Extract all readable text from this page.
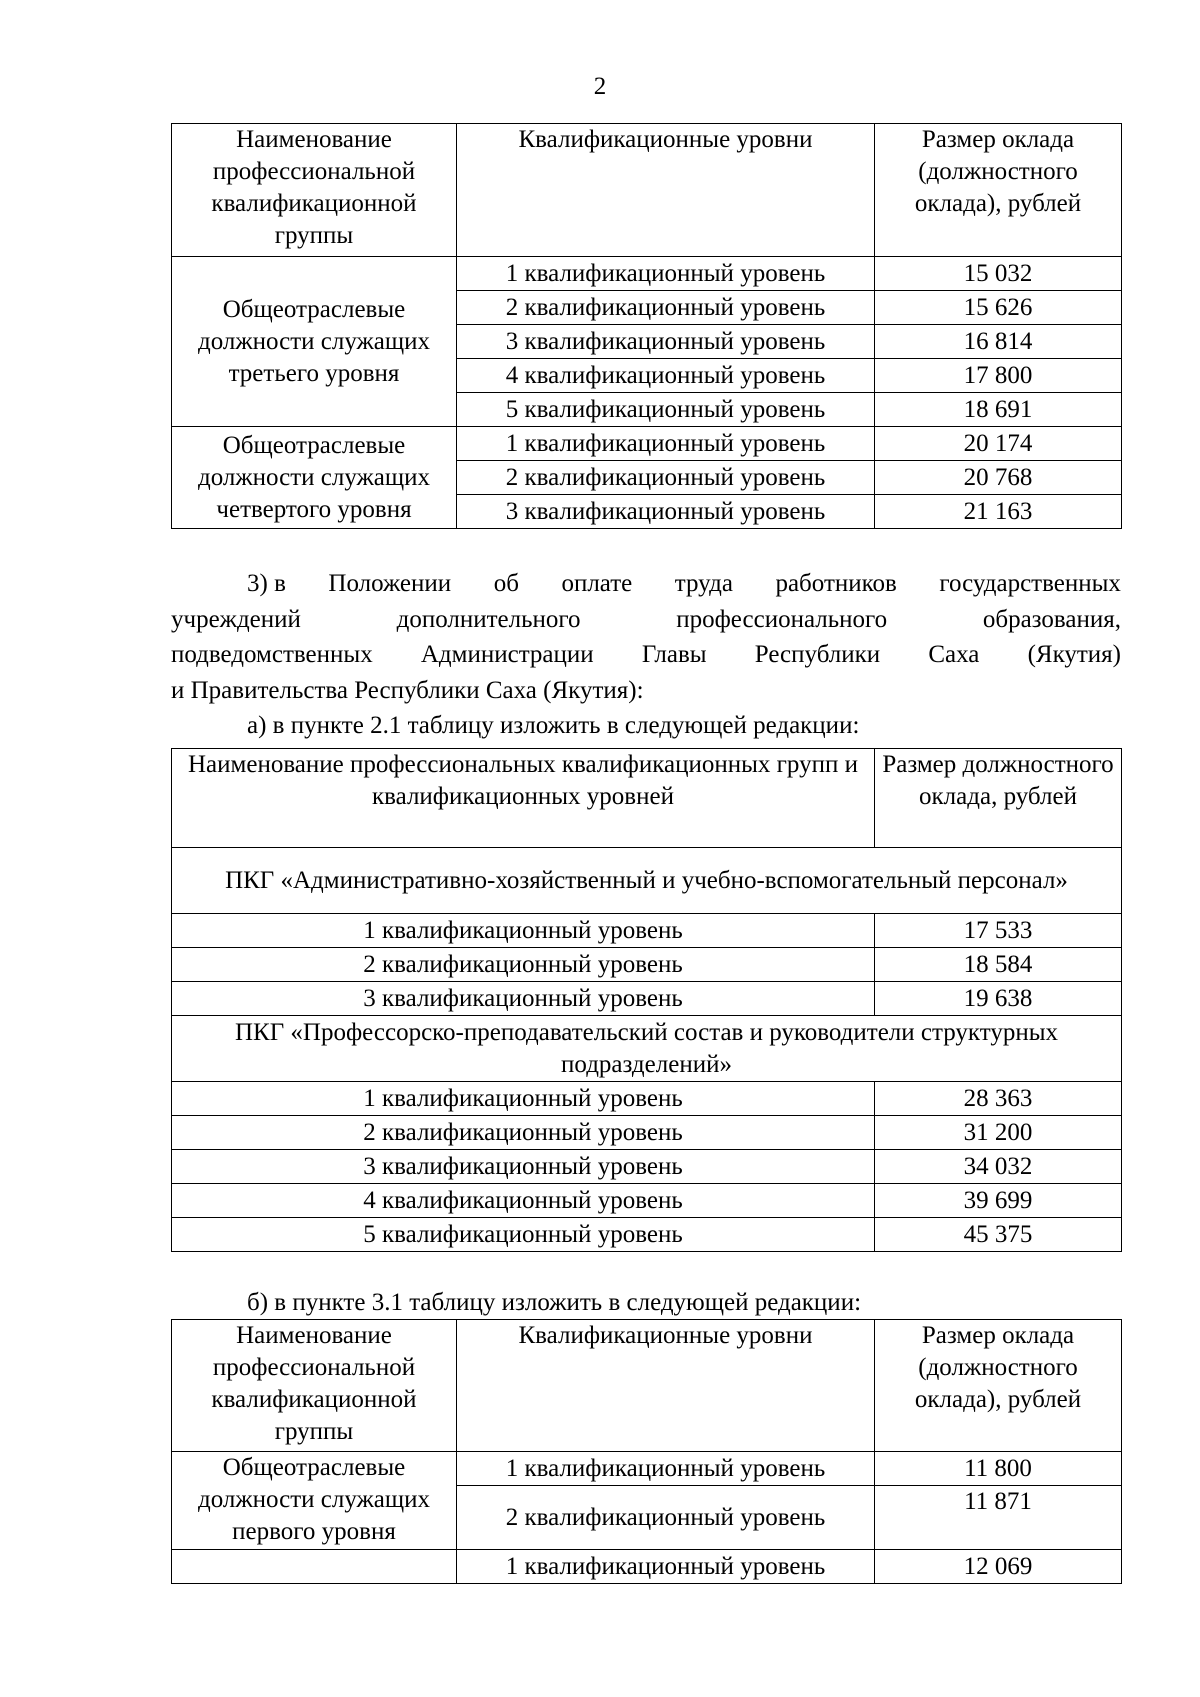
2
Наименование профессиональной квалификационной группы	Квалификационные уровни	Размер оклада (должностного оклада), рублей
Общеотраслевые должности служащих третьего уровня	1 квалификационный уровень	15 032
	2 квалификационный уровень	15 626
	3 квалификационный уровень	16 814
	4 квалификационный уровень	17 800
	5 квалификационный уровень	18 691
Общеотраслевые должности служащих четвертого уровня	1 квалификационный уровень	20 174
	2 квалификационный уровень	20 768
	3 квалификационный уровень	21 163
3) в Положении об оплате труда работников государственных
учреждений	дополнительного	профессионального	образования,
подведомственных Администрации Главы Республики Саха (Якутия)
и Правительства Республики Саха (Якутия):
а) в пункте 2.1 таблицу изложить в следующей редакции:
Наименование профессиональных квалификационных групп и квалификационных уровней	Размер должностного оклада, рублей
ПКГ «Административно-хозяйственный и учебно-вспомогательный персонал»	
1 квалификационный уровень	17 533
2 квалификационный уровень	18 584
3 квалификационный уровень	19 638
ПКГ «Профессорско-преподавательский состав и руководители структурных подразделений»	
1 квалификационный уровень	28 363
2 квалификационный уровень	31 200
3 квалификационный уровень	34 032
4 квалификационный уровень	39 699
5 квалификационный уровень	45 375
б) в пункте 3.1 таблицу изложить в следующей редакции:
Наименование профессиональной квалификационной группы	Квалификационные уровни	Размер оклада (должностного оклада), рублей
Общеотраслевые должности служащих первого уровня	1 квалификационный уровень	11 800
	2 квалификационный уровень	11 871
	1 квалификационный уровень	12 069
